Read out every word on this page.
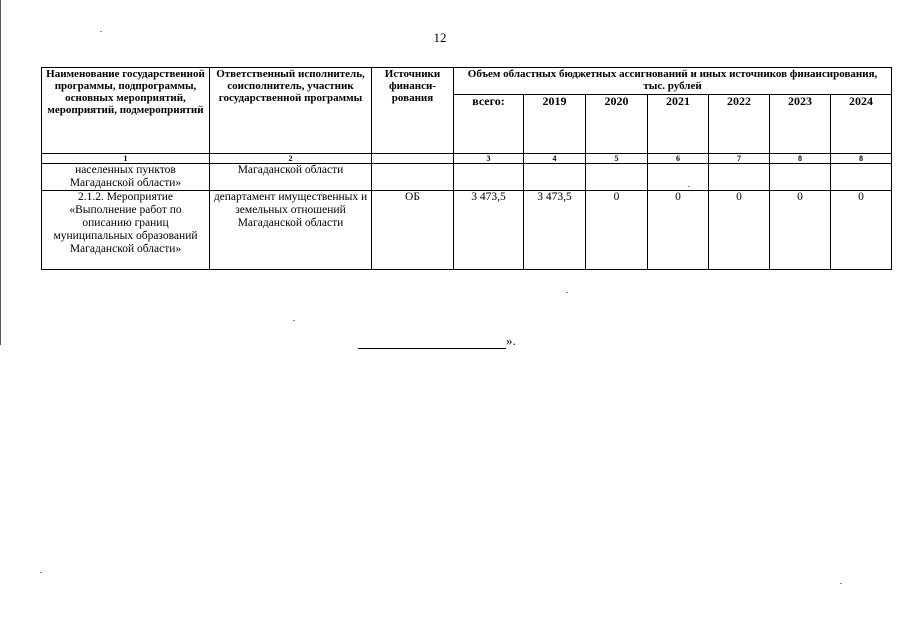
12
Наименование государственной программы, подпрограммы, основных мероприятий, мероприятий, подмероприятий	Ответственный исполнитель, соисполнитель, участник государственной программы	Источники финанси-рования	Объем областных бюджетных ассигнований и иных источников финансирования, тыс. рублей						
			всего:	2019	2020	2021	2022	2023	2024
1	2		3	4	5	6	7	8	8
населенных пунктов Магаданской области»	Магаданской области								
2.1.2. Мероприятие «Выполнение работ по описанию границ муниципальных образований Магаданской области»	департамент имущественных и земельных отношений Магаданской области	ОБ	3 473,5	3 473,5	0	0	0	0	0
».
